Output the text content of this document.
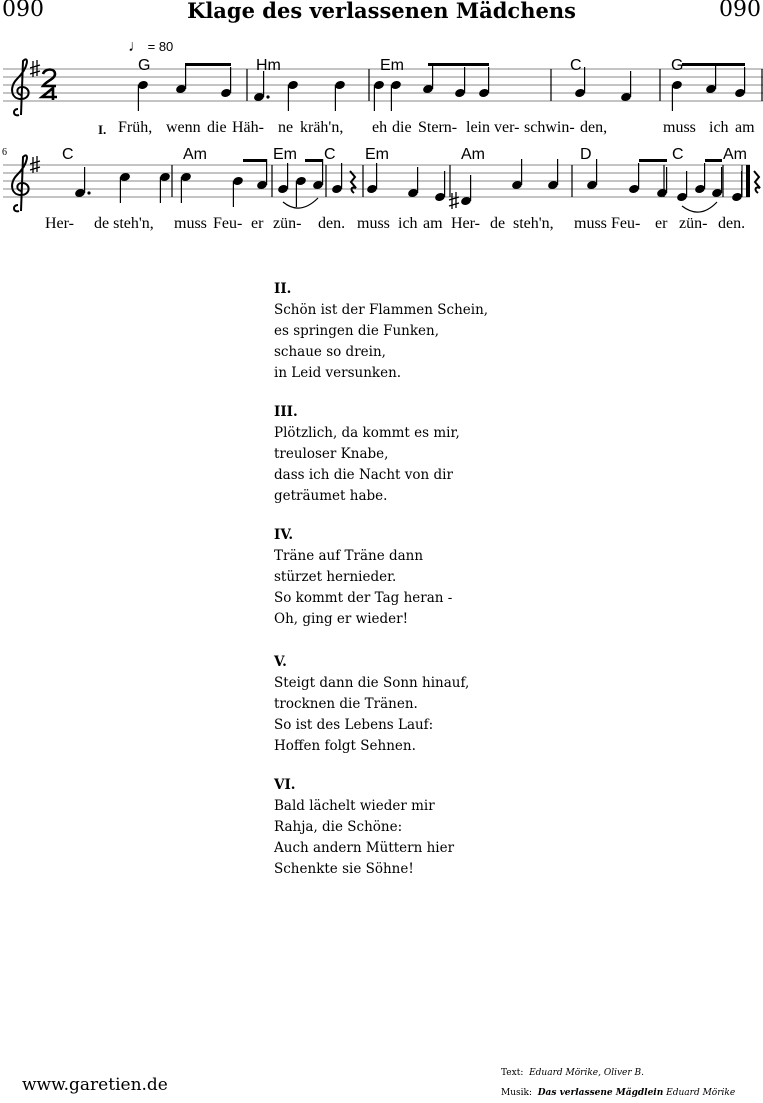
090	Klage des verlassenen Mädchens	090
♩ = 80
G	Hm	Em	C	G
I. Früh, wenn die Häh- ne kräh'n, eh die Stern- lein ver- schwin- den,	muss ich am
6	C	Am	Em C Em	Am	D	C Am
Her- de steh'n, muss Feu- er zün- den. muss ich am Her- de steh'n, muss Feu- er zün- den.
II.
Schön ist der Flammen Schein,
es springen die Funken,
schaue so drein,
in Leid versunken.
III.
Plötzlich, da kommt es mir,
treuloser Knabe,
dass ich die Nacht von dir
geträumet habe.
IV.
Träne auf Träne dann
stürzet hernieder.
So kommt der Tag heran -
Oh, ging er wieder!
V.
Steigt dann die Sonn hinauf,
trocknen die Tränen.
So ist des Lebens Lauf:
Hoffen folgt Sehnen.
VI.
Bald lächelt wieder mir
Rahja, die Schöne:
Auch andern Müttern hier
Schenkte sie Söhne!
www.garetien.de
Text: Eduard Mörike, Oliver B.
Musik: Das verlassene Mägdlein Eduard Mörike
